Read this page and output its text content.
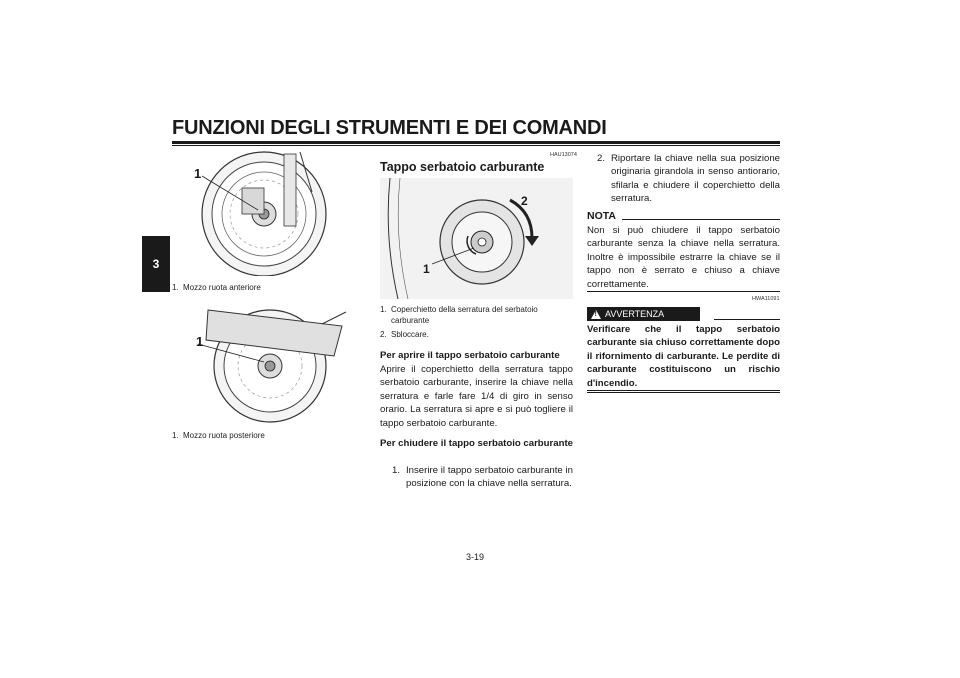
FUNZIONI DEGLI STRUMENTI E DEI COMANDI
3
1
1. Mozzo ruota anteriore
1
1. Mozzo ruota posteriore
HAU13074
Tappo serbatoio carburante
1
2
1. Coperchietto della serratura del serbatoio carburante
2. Sbloccare.
Per aprire il tappo serbatoio carburante
Aprire il coperchietto della serratura tappo serbatoio carburante, inserire la chiave nella serratura e farle fare 1/4 di giro in senso orario. La serratura si apre e si può togliere il tappo serbatoio carburante.
Per chiudere il tappo serbatoio carburante
1. Inserire il tappo serbatoio carburante in posizione con la chiave nella serratura.
2. Riportare la chiave nella sua posizione originaria girandola in senso antiorario, sfilarla e chiudere il coperchietto della serratura.
NOTA
Non si può chiudere il tappo serbatoio carburante senza la chiave nella serratura. Inoltre è impossibile estrarre la chiave se il tappo non è serrato e chiuso a chiave correttamente.
HWA11091
! AVVERTENZA
Verificare che il tappo serbatoio carburante sia chiuso correttamente dopo il rifornimento di carburante. Le perdite di carburante costituiscono un rischio d'incendio.
3-19
